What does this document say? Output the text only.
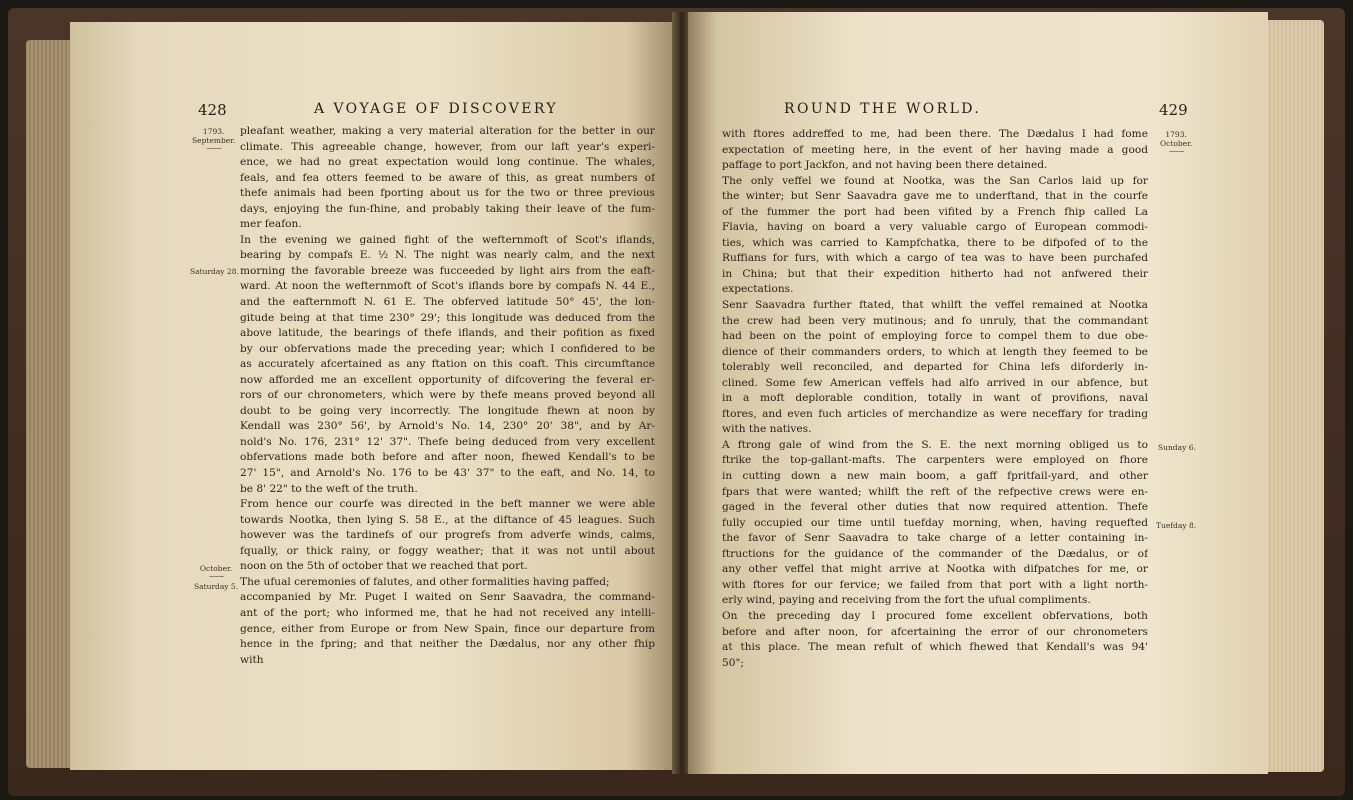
428	A VOYAGE OF DISCOVERY
1793.
September.
⌣⌣⌣
Saturday 28.
October.
⌣⌣⌣
Saturday 5.
pleafant weather, making a very material alteration for the better in our
climate. This agreeable change, however, from our laft year's experi-
ence, we had no great expectation would long continue. The whales,
feals, and fea otters feemed to be aware of this, as great numbers of
thefe animals had been fporting about us for the two or three previous
days, enjoying the fun-fhine, and probably taking their leave of the fum-
mer feafon.
In the evening we gained fight of the wefternmoft of Scot's iflands,
bearing by compafs E. ½ N. The night was nearly calm, and the next
morning the favorable breeze was fucceeded by light airs from the eaft-
ward. At noon the wefternmoft of Scot's iflands bore by compafs N. 44 E.,
and the eafternmoft N. 61 E. The obferved latitude 50° 45', the lon-
gitude being at that time 230° 29'; this longitude was deduced from the
above latitude, the bearings of thefe iflands, and their pofition as fixed
by our obfervations made the preceding year; which I confidered to be
as accurately afcertained as any ftation on this coaft. This circumftance
now afforded me an excellent opportunity of difcovering the feveral er-
rors of our chronometers, which were by thefe means proved beyond all
doubt to be going very incorrectly. The longitude fhewn at noon by
Kendall was 230° 56', by Arnold's No. 14, 230° 20' 38", and by Ar-
nold's No. 176, 231° 12' 37". Thefe being deduced from very excellent
obfervations made both before and after noon, fhewed Kendall's to be
27' 15", and Arnold's No. 176 to be 43' 37" to the eaft, and No. 14, to
be 8' 22" to the weft of the truth.
From hence our courfe was directed in the beft manner we were able
towards Nootka, then lying S. 58 E., at the diftance of 45 leagues. Such
however was the tardinefs of our progrefs from adverfe winds, calms,
fqually, or thick rainy, or foggy weather; that it was not until about
noon on the 5th of october that we reached that port.
The ufual ceremonies of falutes, and other formalities having paffed;
accompanied by Mr. Puget I waited on Senr Saavadra, the command-
ant of the port; who informed me, that he had not received any intelli-
gence, either from Europe or from New Spain, fince our departure from
hence in the fpring; and that neither the Dædalus, nor any other fhip
with
ROUND THE WORLD.	429
1793.
October.
⌣⌣⌣
Sunday 6.
Tuefday 8.
with ftores addreffed to me, had been there. The Dædalus I had fome
expectation of meeting here, in the event of her having made a good
paffage to port Jackfon, and not having been there detained.
The only veffel we found at Nootka, was the San Carlos laid up for
the winter; but Senr Saavadra gave me to underftand, that in the courfe
of the fummer the port had been vifited by a French fhip called La
Flavia, having on board a very valuable cargo of European commodi-
ties, which was carried to Kampfchatka, there to be difpofed of to the
Ruffians for furs, with which a cargo of tea was to have been purchafed
in China; but that their expedition hitherto had not anfwered their
expectations.
Senr Saavadra further ftated, that whilft the veffel remained at Nootka
the crew had been very mutinous; and fo unruly, that the commandant
had been on the point of employing force to compel them to due obe-
dience of their commanders orders, to which at length they feemed to be
tolerably well reconciled, and departed for China lefs diforderly in-
clined. Some few American veffels had alfo arrived in our abfence, but
in a moft deplorable condition, totally in want of provifions, naval
ftores, and even fuch articles of merchandize as were neceffary for trading
with the natives.
A ftrong gale of wind from the S. E. the next morning obliged us to
ftrike the top-gallant-mafts. The carpenters were employed on fhore
in cutting down a new main boom, a gaff fpritfail-yard, and other
fpars that were wanted; whilft the reft of the refpective crews were en-
gaged in the feveral other duties that now required attention. Thefe
fully occupied our time until tuefday morning, when, having requefted
the favor of Senr Saavadra to take charge of a letter containing in-
ftructions for the guidance of the commander of the Dædalus, or of
any other veffel that might arrive at Nootka with difpatches for me, or
with ftores for our fervice; we failed from that port with a light north-
erly wind, paying and receiving from the fort the ufual compliments.
On the preceding day I procured fome excellent obfervations, both
before and after noon, for afcertaining the error of our chronometers
at this place. The mean refult of which fhewed that Kendall's was 94'
50";
